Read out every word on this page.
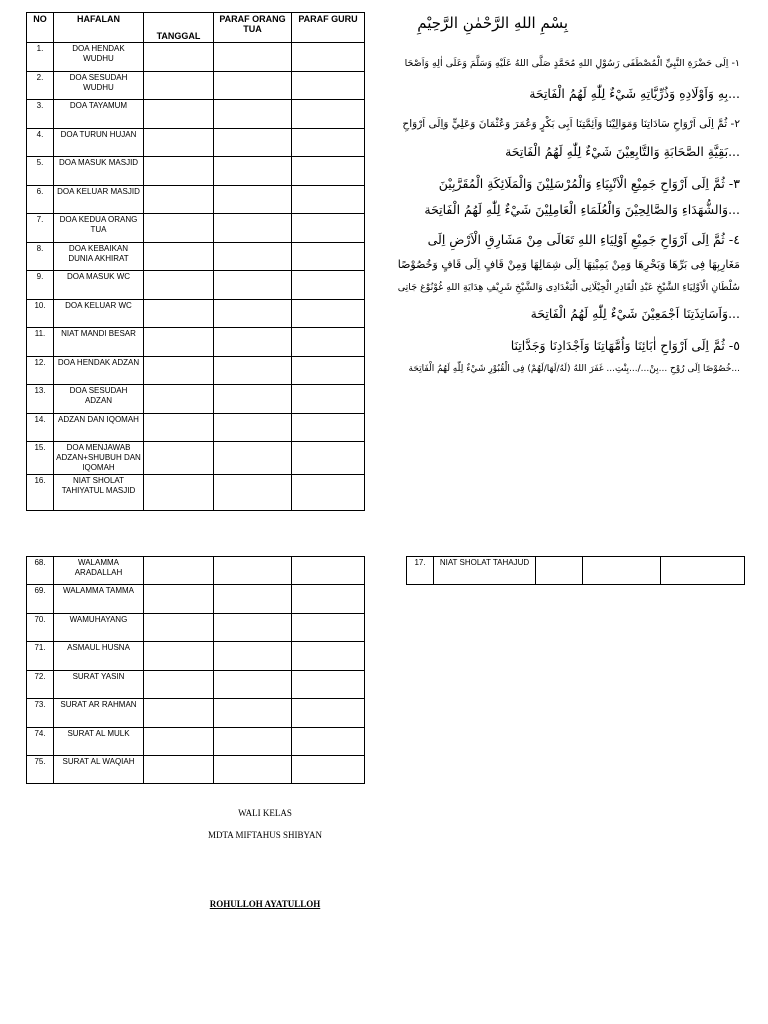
NO	HAFALAN	TANGGAL	PARAF ORANG TUA	PARAF GURU
1.	DOA HENDAK WUDHU			
2.	DOA SESUDAH WUDHU			
3.	DOA TAYAMUM			
4.	DOA TURUN HUJAN			
5.	DOA MASUK MASJID			
6.	DOA KELUAR MASJID			
7.	DOA KEDUA ORANG TUA			
8.	DOA KEBAIKAN DUNIA AKHIRAT			
9.	DOA MASUK WC			
10.	DOA KELUAR WC			
11.	NIAT MANDI BESAR			
12.	DOA HENDAK ADZAN			
13.	DOA SESUDAH ADZAN			
14.	ADZAN DAN IQOMAH			
15.	DOA MENJAWAB ADZAN+SHUBUH DAN IQOMAH			
16.	NIAT SHOLAT TAHIYATUL MASJID			
68.	WALAMMA ARADALLAH			
69.	WALAMMA TAMMA			
70.	WAMUHAYANG			
71.	ASMAUL HUSNA			
72.	SURAT YASIN			
73.	SURAT AR RAHMAN			
74.	SURAT AL MULK			
75.	SURAT AL WAQIAH			
17.	NIAT SHOLAT TAHAJUD			
بِسْمِ اللهِ الرَّحْمٰنِ الرَّحِيْمِ
١- اِلَى حَضْرَةِ النَّبِيِّ الْمُصْطَفَى رَسُوْلِ اللهِ مُحَمَّدٍ صَلَّى اللهُ عَلَيْهِ وَسَلَّمَ وَعَلَى اٰلِهِ وَاَصْحَا
...بِهِ وَاَوْلَادِهِ وَذُرِّيَّاتِهِ شَيْءٌ لِلّٰهِ لَهُمُ الْفَاتِحَة
٢- ثُمَّ اِلَى اَرْوَاحِ سَادَاتِنَا وَمَوَالِيْنَا وَاَئِمَّتِنَا اَبِى بَكْرٍ وَعُمَرَ وَعُثْمَانَ وَعَلِيٍّ وَاِلَى اَرْوَاحِ
...بَقِيَّةِ الصَّحَابَةِ وَالتَّابِعِيْنَ شَيْءٌ لِلّٰهِ لَهُمُ الْفَاتِحَة
٣- ثُمَّ اِلَى اَرْوَاحِ جَمِيْعِ الْاَنْبِيَاءِ وَالْمُرْسَلِيْنَ وَالْمَلَائِكَةِ الْمُقَرَّبِيْنَ
...وَالشُّهَدَاءِ وَالصَّالِحِيْنَ وَالْعُلَمَاءِ الْعَامِلِيْنَ شَيْءٌ لِلّٰهِ لَهُمُ الْفَاتِحَة
٤- ثُمَّ اِلَى اَرْوَاحِ جَمِيْعِ اَوْلِيَاءِ اللهِ تَعَالَى مِنْ مَشَارِقِ الْاَرْضِ اِلَى
مَغَارِبِهَا فِى بَرِّهَا وَبَحْرِهَا وَمِنْ يَمِيْنِهَا اِلَى شِمَالِهَا وَمِنْ قَافٍ اِلَى قَافٍ وَخُصُوْصًا
سُلْطَانِ الْاَوْلِيَاءِ الشَّيْخِ عَبْدِ الْقَادِرِ الْجِيْلَانِى الْبَغْدَادِى وَالشَّيْخِ شَرِيْفِ هِدَايَةِ اللهِ غُوْنُوْغ جَاتِى
...وَاَسَاتِذَتِنَا اَجْمَعِيْنَ شَيْءٌ لِلّٰهِ لَهُمُ الْفَاتِحَة
٥- ثُمَّ اِلَى اَرْوَاحِ اٰبَائِنَا وَاُمَّهَاتِنَا وَاَجْدَادِنَا وَجَدَّاتِنَا
...خُصُوْصًا اِلَى رُوْحِ ...بِنْ.../...بِنْتِ... غَفَرَ اللهُ (لَهُ/لَهَا/لَهُمْ) فِى الْقُبُوْرِ شَيْءٌ لِلّٰهِ لَهُمُ الْفَاتِحَة
WALI KELAS
MDTA MIFTAHUS SHIBYAN
ROHULLOH AYATULLOH
